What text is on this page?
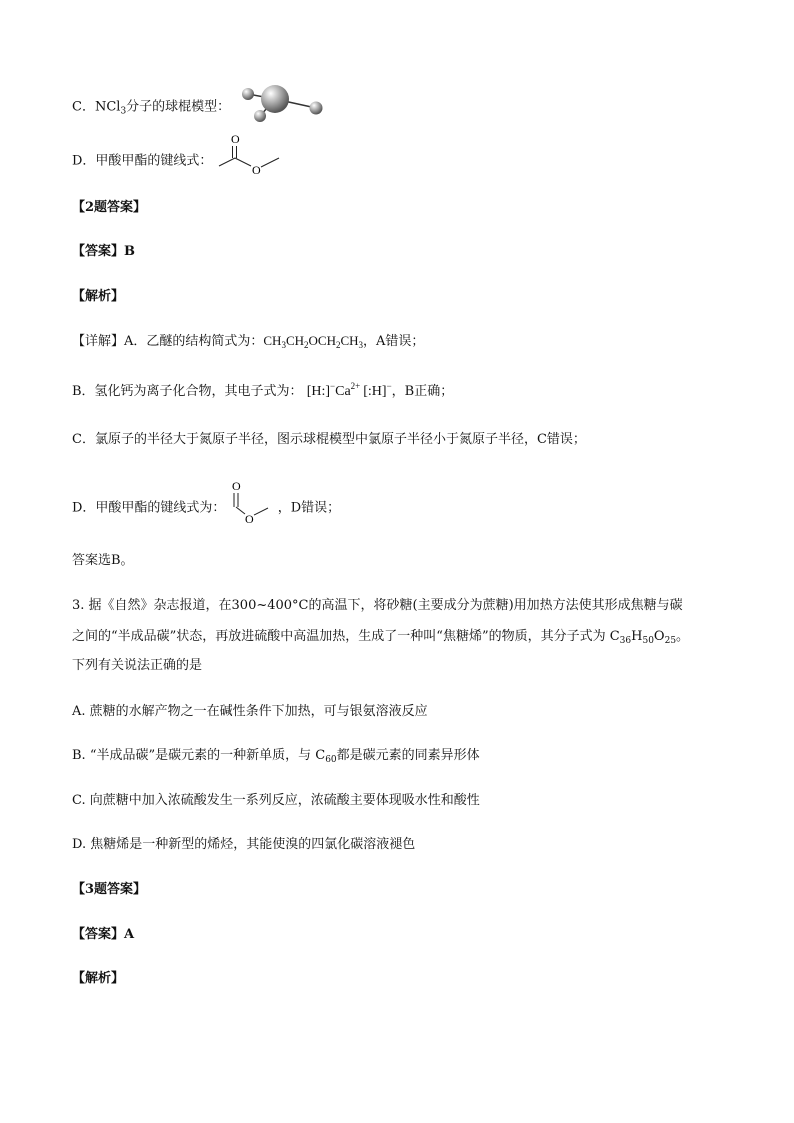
C．NCl$_3$分子的球棍模型：
D．甲酸甲酯的键线式：
O
O
【2题答案】
【答案】B
【解析】
【详解】A．乙醚的结构简式为：$CH_3CH_2OCH_2CH_3$，A错误；
B．氢化钙为离子化合物，其电子式为： $[H:]^-Ca^{2+}$ [:H]−，B正确；
C．氯原子的半径大于氮原子半径，图示球棍模型中氯原子半径小于氮原子半径，C错误；
D．甲酸甲酯的键线式为：
O
O
，D错误；
答案选B。
3. 据《自然》杂志报道，在300~400°C的高温下，将砂糖(主要成分为蔗糖)用加热方法使其形成焦糖与碳
之间的“半成品碳”状态，再放进硫酸中高温加热，生成了一种叫“焦糖烯”的物质，其分子式为 $C_{36}H_{50}O_{25}$。
下列有关说法正确的是
A. 蔗糖的水解产物之一在碱性条件下加热，可与银氨溶液反应
B. “半成品碳”是碳元素的一种新单质，与 $C_{60}$都是碳元素的同素异形体
C. 向蔗糖中加入浓硫酸发生一系列反应，浓硫酸主要体现吸水性和酸性
D. 焦糖烯是一种新型的烯烃，其能使溴的四氯化碳溶液褪色
【3题答案】
【答案】A
【解析】
